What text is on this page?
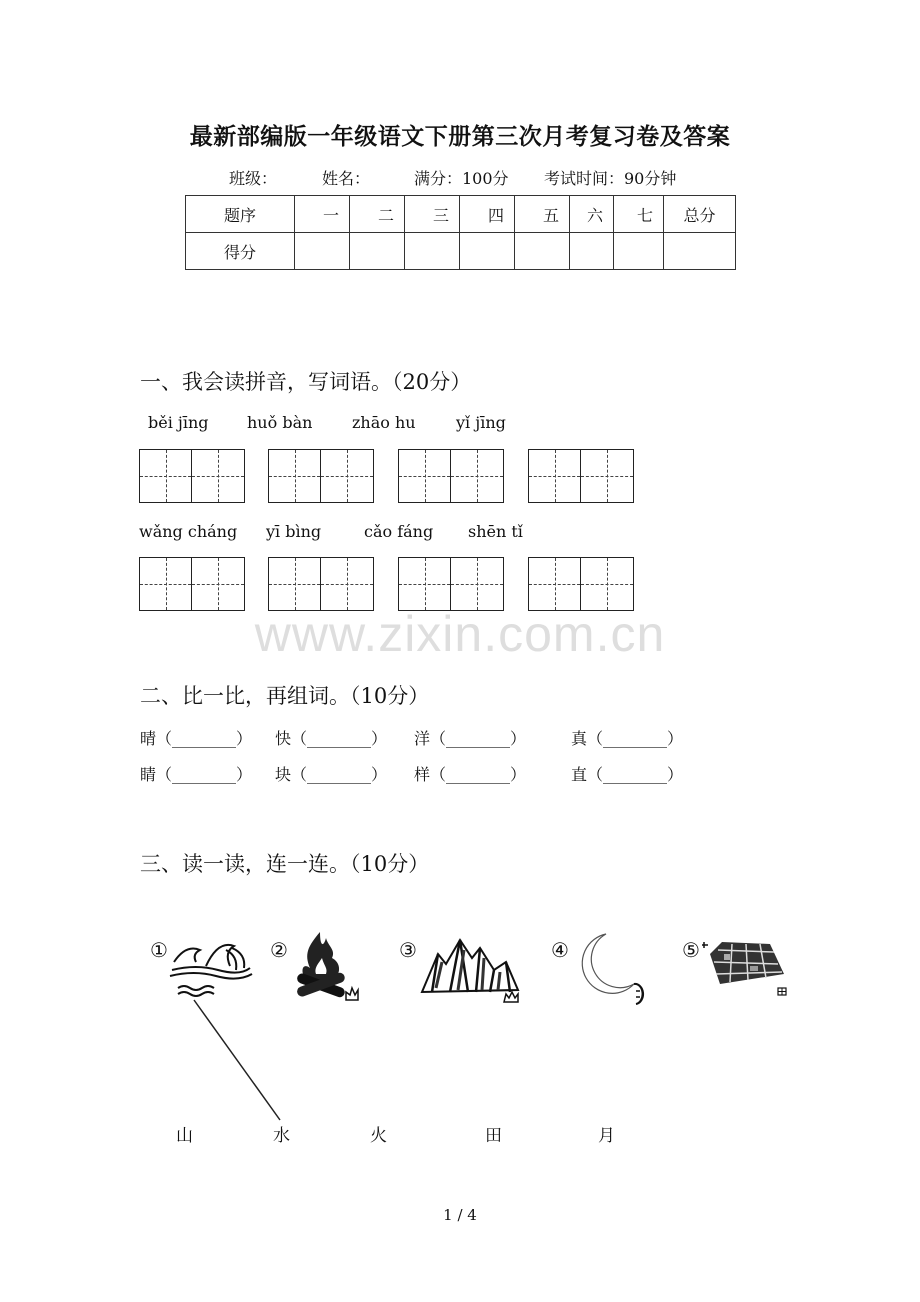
最新部编版一年级语文下册第三次月考复习卷及答案
班级：	姓名：	满分：100分 考试时间：90分钟
题序	一	二	三	四	五	六	七	总分
得分								
一、我会读拼音，写词语。（20分）
běi jīng huǒ bàn zhāo hu	yǐ jīng
wǎng cháng yī bìng	cǎo fáng shēn tǐ
www.zixin.com.cn
二、比一比，再组词。（10分）
晴（________） 快（________） 洋（________）	真（________）
睛（________） 块（________） 样（________）	直（________）
三、读一读，连一连。（10分）
①	②	③	④	⑤
山	水	火	田	月
1 / 4
